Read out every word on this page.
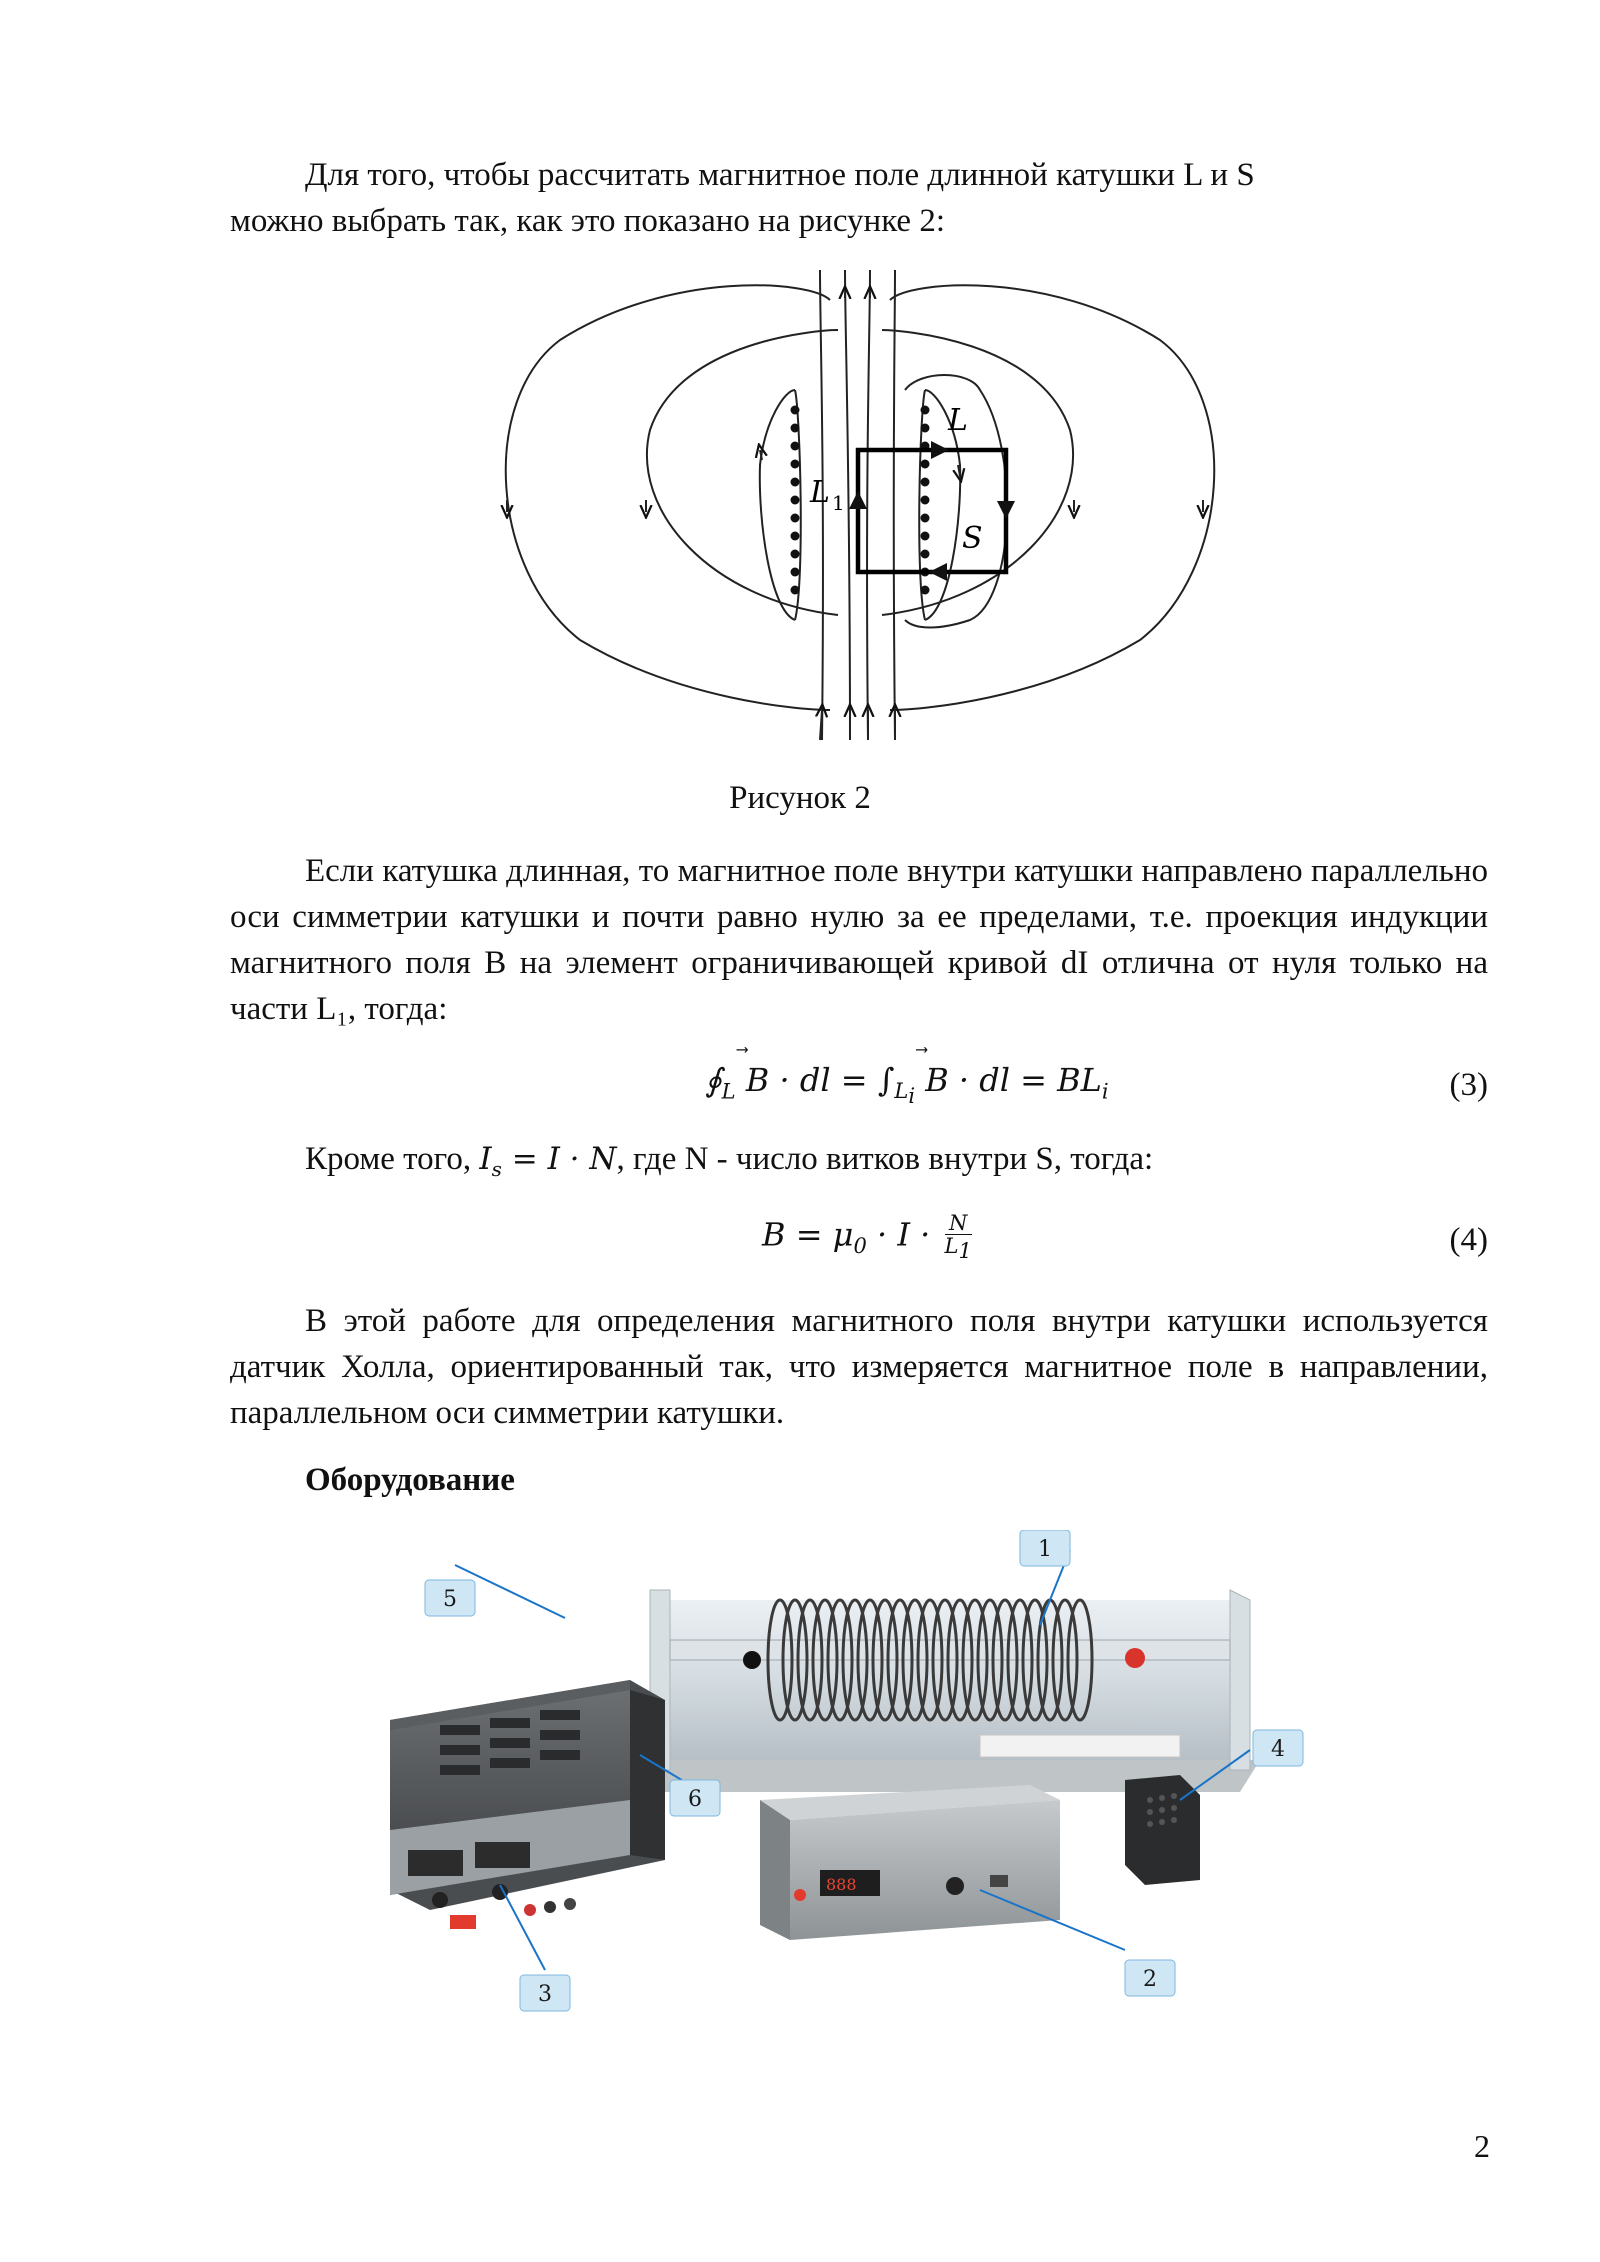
Для того, чтобы рассчитать магнитное поле длинной катушки L и S

можно выбрать так, как это показано на рисунке 2:

L
L 1
S

Рисунок 2

Если катушка длинная, то магнитное поле внутри катушки направлено параллельно оси симметрии катушки и почти равно нулю за ее пределами, т.е. проекция индукции магнитного поля B на элемент ограничивающей кривой dI отлична от нуля только на части L₁, тогда:

$∮_L$ ⃗ B · dl = $\int_{L_i}$ ⃗ B · dl = $BL_i$	(3)

Кроме того, $I_s = I \cdot N$, где N - число витков внутри S, тогда:

$B = \mu_0 \cdot I \cdot \frac{N}{L_1}$	(4)

В этой работе для определения магнитного поля внутри катушки используется датчик Холла, ориентированный так, что измеряется магнитное поле в направлении, параллельном оси симметрии катушки.

Оборудование

888
1
2
3
4
5
6
2
